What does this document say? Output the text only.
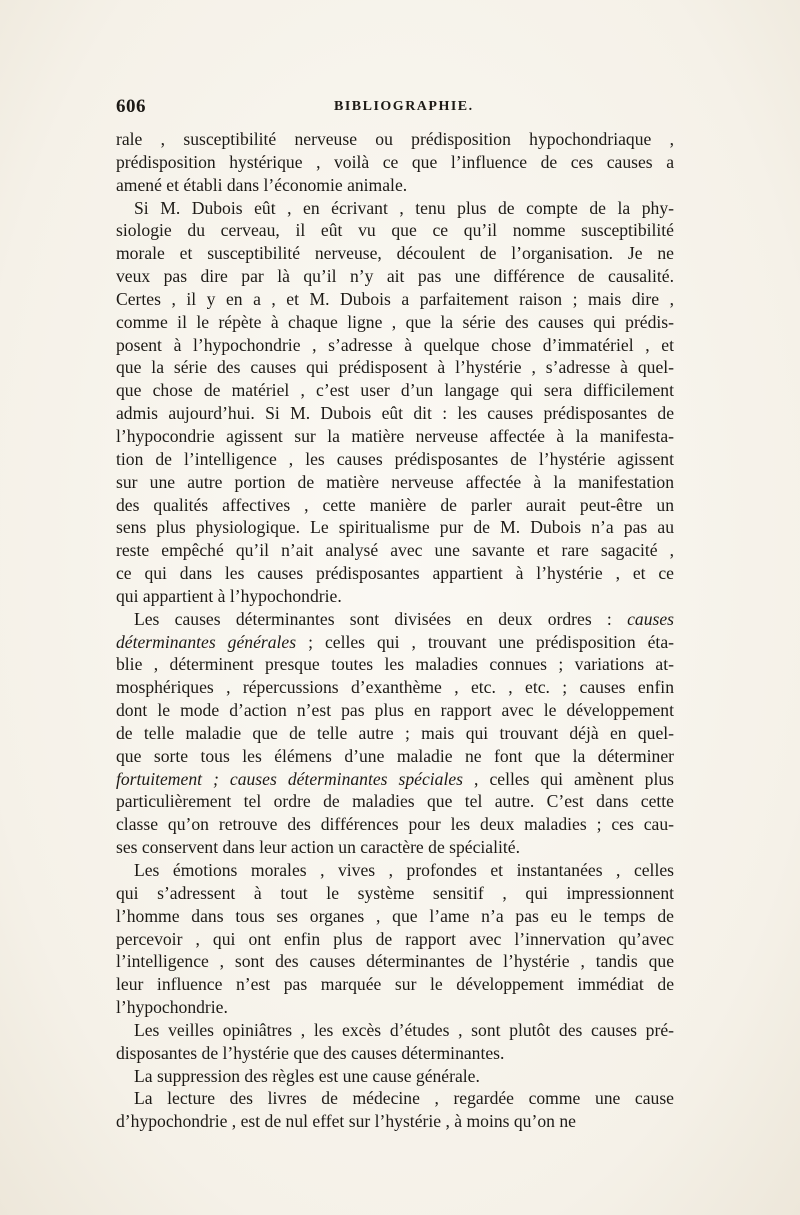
606	BIBLIOGRAPHIE.
rale , susceptibilité nerveuse ou prédisposition hypochondriaque ,
prédisposition hystérique , voilà ce que l’influence de ces causes a
amené et établi dans l’économie animale.
Si M. Dubois eût , en écrivant , tenu plus de compte de la phy-
siologie du cerveau, il eût vu que ce qu’il nomme susceptibilité
morale et susceptibilité nerveuse, découlent de l’organisation. Je ne
veux pas dire par là qu’il n’y ait pas une différence de causalité.
Certes , il y en a , et M. Dubois a parfaitement raison ; mais dire ,
comme il le répète à chaque ligne , que la série des causes qui prédis-
posent à l’hypochondrie , s’adresse à quelque chose d’immatériel , et
que la série des causes qui prédisposent à l’hystérie , s’adresse à quel-
que chose de matériel , c’est user d’un langage qui sera difficilement
admis aujourd’hui. Si M. Dubois eût dit : les causes prédisposantes de
l’hypocondrie agissent sur la matière nerveuse affectée à la manifesta-
tion de l’intelligence , les causes prédisposantes de l’hystérie agissent
sur une autre portion de matière nerveuse affectée à la manifestation
des qualités affectives , cette manière de parler aurait peut-être un
sens plus physiologique. Le spiritualisme pur de M. Dubois n’a pas au
reste empêché qu’il n’ait analysé avec une savante et rare sagacité ,
ce qui dans les causes prédisposantes appartient à l’hystérie , et ce
qui appartient à l’hypochondrie.
Les causes déterminantes sont divisées en deux ordres : causes
déterminantes générales ; celles qui , trouvant une prédisposition éta-
blie , déterminent presque toutes les maladies connues ; variations at-
mosphériques , répercussions d’exanthème , etc. , etc. ; causes enfin
dont le mode d’action n’est pas plus en rapport avec le développement
de telle maladie que de telle autre ; mais qui trouvant déjà en quel-
que sorte tous les élémens d’une maladie ne font que la déterminer
fortuitement ; causes déterminantes spéciales , celles qui amènent plus
particulièrement tel ordre de maladies que tel autre. C’est dans cette
classe qu’on retrouve des différences pour les deux maladies ; ces cau-
ses conservent dans leur action un caractère de spécialité.
Les émotions morales , vives , profondes et instantanées , celles
qui s’adressent à tout le système sensitif , qui impressionnent
l’homme dans tous ses organes , que l’ame n’a pas eu le temps de
percevoir , qui ont enfin plus de rapport avec l’innervation qu’avec
l’intelligence , sont des causes déterminantes de l’hystérie , tandis que
leur influence n’est pas marquée sur le développement immédiat de
l’hypochondrie.
Les veilles opiniâtres , les excès d’études , sont plutôt des causes pré-
disposantes de l’hystérie que des causes déterminantes.
La suppression des règles est une cause générale.
La lecture des livres de médecine , regardée comme une cause
d’hypochondrie , est de nul effet sur l’hystérie , à moins qu’on ne
